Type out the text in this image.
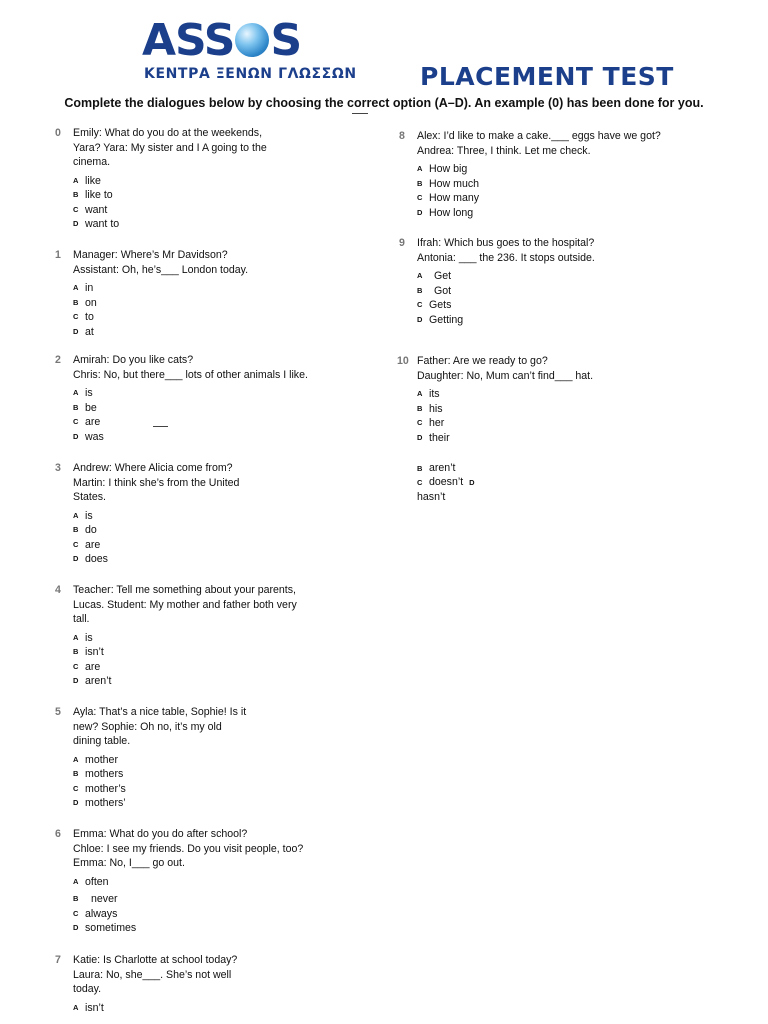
ASS S
ΚΕΝΤΡΑ ΞΕΝΩΝ ΓΛΩΣΣΩΝ	PLACEMENT TEST
Complete the dialogues below by choosing the correct option (A–D). An example (0) has been done for you.
0 Emily: What do you do at the weekends,
Yara? Yara: My sister and I A going to the
cinema.
A like
B like to
C want
D want to
1 Manager: Where’s Mr Davidson?
Assistant: Oh, he’s___ London today.
A in
B on
C to
D at
2 Amirah: Do you like cats?
Chris: No, but there___ lots of other animals I like.
A is
B be
C are
D was
3 Andrew: Where Alicia come from?
Martin: I think she’s from the United
States.
A is
B do
C are
D does
4 Teacher: Tell me something about your parents,
Lucas. Student: My mother and father both very
tall.
A is
B isn’t
C are
D aren’t
5 Ayla: That’s a nice table, Sophie! Is it
new? Sophie: Oh no, it’s my old
dining table.
A mother
B mothers
C mother’s
D mothers’
6 Emma: What do you do after school?
Chloe: I see my friends. Do you visit people, too?
Emma: No, I___ go out.
A often
B	never
C always
D sometimes
7 Katie: Is Charlotte at school today?
Laura: No, she___. She’s not well
today.
A isn’t
8 Alex: I’d like to make a cake.___ eggs have we got?
Andrea: Three, I think. Let me check.
A How big
B How much
C How many
D How long
9 Ifrah: Which bus goes to the hospital?
Antonia: ___ the 236. It stops outside.
A	Get
B	Got
C Gets
D Getting
10 Father: Are we ready to go?
Daughter: No, Mum can’t find___ hat.
A its
B his
C her
D their
B aren’t
C doesn’t D
hasn’t
